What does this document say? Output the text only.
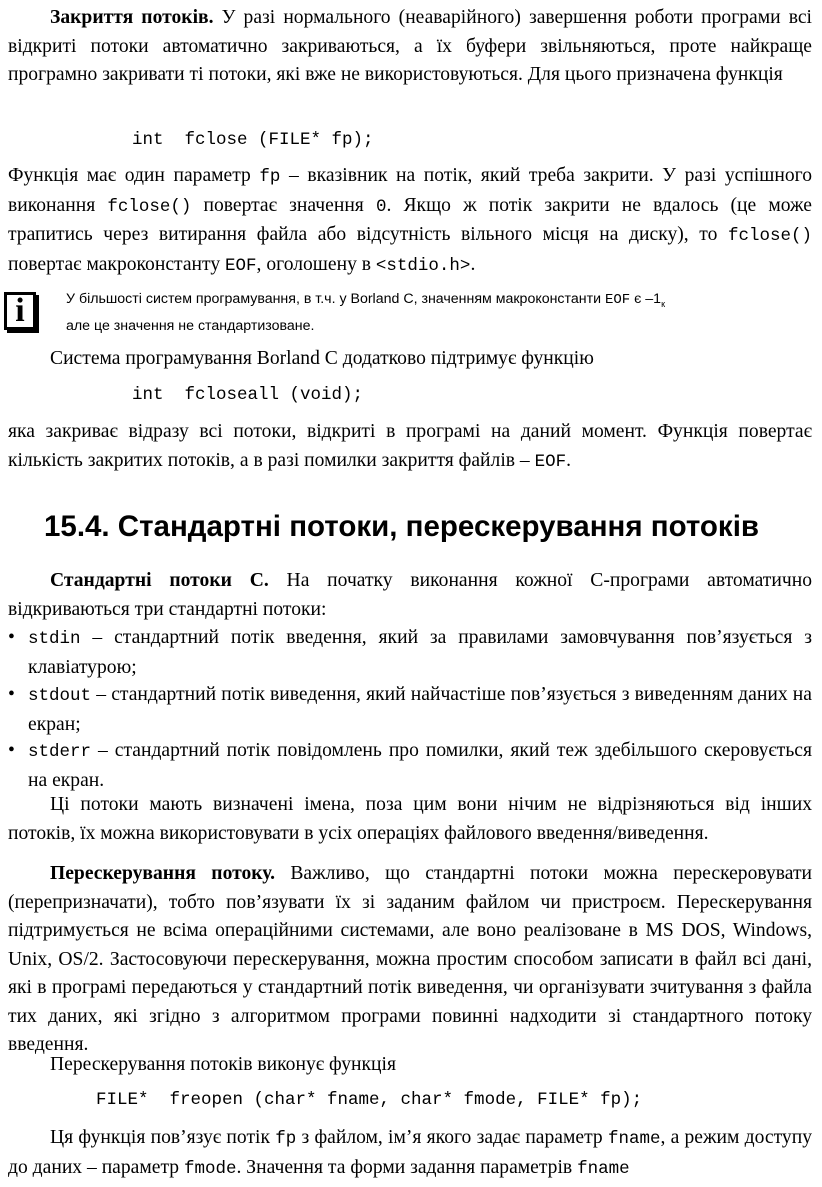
Закриття потоків. У разі нормального (неаварійного) завершення роботи програми всі відкриті потоки автоматично закриваються, а їх буфери звільняються, проте найкраще програмно закривати ті потоки, які вже не використовуються. Для цього призначена функція

int  fclose (FILE* fp);

Функція має один параметр fp – вказівник на потік, який треба закрити. У разі успішного виконання fclose() повертає значення 0. Якщо ж потік закрити не вдалось (це може трапитись через витирання файла або відсутність вільного місця на диску), то fclose() повертає макроконстанту EOF, оголошену в <stdio.h>.

i	У більшості систем програмування, в т.ч. у Borland C, значенням макроконстанти EOF є $-1_к$
але це значення не стандартизоване.

Система програмування Borland C додатково підтримує функцію

int  fcloseall (void);

яка закриває відразу всі потоки, відкриті в програмі на даний момент. Функція повертає кількість закритих потоків, а в разі помилки закриття файлів – EOF.

15.4. Стандартні потоки, перескерування потоків

Стандартні потоки С. На початку виконання кожної С-програми автоматично відкриваються три стандартні потоки:

• stdin – стандартний потік введення, який за правилами замовчування пов’язується з клавіатурою;

• stdout – стандартний потік виведення, який найчастіше пов’язується з виведенням даних на екран;

• stderr – стандартний потік повідомлень про помилки, який теж здебільшого скеровується на екран.

Ці потоки мають визначені імена, поза цим вони нічим не відрізняються від інших потоків, їх можна використовувати в усіх операціях файлового введення/виведення.

Перескерування потоку. Важливо, що стандартні потоки можна перескеровувати (перепризначати), тобто пов’язувати їх зі заданим файлом чи пристроєм. Перескерування підтримується не всіма операційними системами, але воно реалізоване в MS DOS, Windows, Unix, OS/2. Застосовуючи перескерування, можна простим способом записати в файл всі дані, які в програмі передаються у стандартний потік виведення, чи організувати зчитування з файла тих даних, які згідно з алгоритмом програми повинні надходити зі стандартного потоку введення.

Перескерування потоків виконує функція

FILE*  freopen (char* fname, char* fmode, FILE* fp);

Ця функція пов’язує потік fp з файлом, ім’я якого задає параметр fname, а режим доступу до даних – параметр fmode. Значення та форми задання параметрів fname
